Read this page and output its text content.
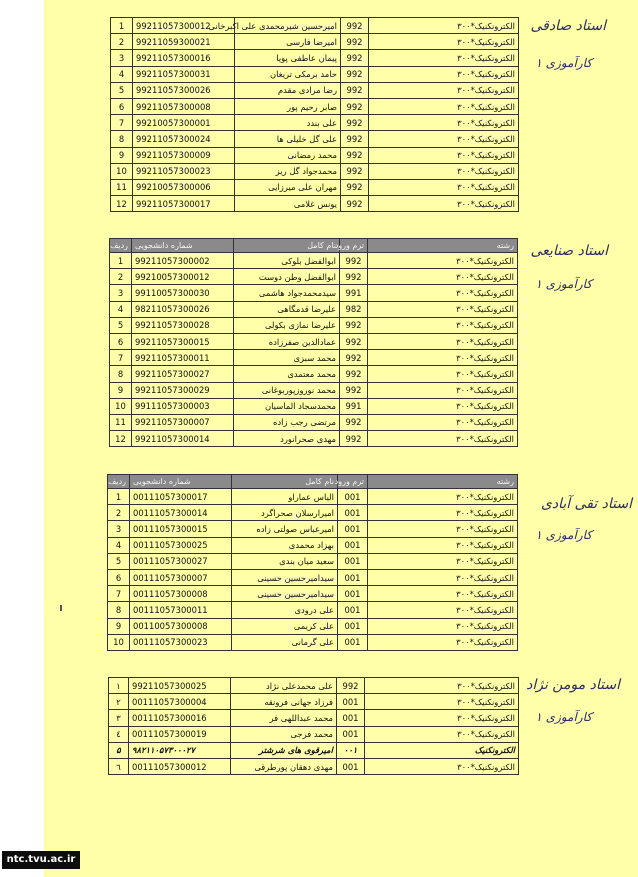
الکترونکنیک*۳۰۰	992	امیرحسین شیرمحمدی علی اکبرخانی	99211057300012	1
الکترونکنیک*۳۰۰	992	امیرضا فارسی	99211059300021	2
الکترونکنیک*۳۰۰	992	پیمان عاطفی پویا	99211057300016	3
الکترونکنیک*۳۰۰	992	حامد برمکی تریغان	99211057300031	4
الکترونکنیک*۳۰۰	992	رضا مرادی مقدم	99211057300026	5
الکترونکنیک*۳۰۰	992	صابر رحیم پور	99211057300008	6
الکترونکنیک*۳۰۰	992	علی بندد	99210057300001	7
الکترونکنیک*۳۰۰	992	علی گل خلیلی ها	99211057300024	8
الکترونکنیک*۳۰۰	992	محمد رمضانی	99211057300009	9
الکترونکنیک*۳۰۰	992	محمدجواد گل ریز	99211057300023	10
الکترونکنیک*۳۰۰	992	مهران علی میرزایی	99210057300006	11
الکترونکنیک*۳۰۰	992	یونس غلامی	99211057300017	12
رشته	ترم ورود	نام کامل	شماره دانشجویی	ردیف
الکترونکنیک*۳۰۰	992	ابوالفضل بلوکی	99211057300002	1
الکترونکنیک*۳۰۰	992	ابوالفضل وطن دوست	99210057300012	2
الکترونکنیک*۳۰۰	991	سیدمحمدجواد هاشمی	99110057300030	3
الکترونکنیک*۳۰۰	982	علیرضا قدمگاهی	98211057300026	4
الکترونکنیک*۳۰۰	992	علیرضا نمازی بکولی	99211057300028	5
الکترونکنیک*۳۰۰	992	عمادالدین صفرزاده	99211057300015	6
الکترونکنیک*۳۰۰	992	محمد سبزی	99211057300011	7
الکترونکنیک*۳۰۰	992	محمد معتمدی	99211057300027	8
الکترونکنیک*۳۰۰	992	محمد نوروزپوربوغانی	99211057300029	9
الکترونکنیک*۳۰۰	991	محمدسجاد الماسیان	99111057300003	10
الکترونکنیک*۳۰۰	992	مرتضی رجب زاده	99211057300007	11
الکترونکنیک*۳۰۰	992	مهدی صحرانورد	99211057300014	12
رشته	ترم ورود	نام کامل	شماره دانشجویی	ردیف
الکترونکنیک*۳۰۰	001	الیاس عماراو	00111057300017	1
الکترونکنیک*۳۰۰	001	امیرارسلان صحراگرد	00111057300014	2
الکترونکنیک*۳۰۰	001	امیرعباس صولتی زاده	00111057300015	3
الکترونکنیک*۳۰۰	001	بهزاد محمدی	00111057300025	4
الکترونکنیک*۳۰۰	001	سعید میان بندی	00111057300027	5
الکترونکنیک*۳۰۰	001	سیدامیرحسین حسینی	00111057300007	6
الکترونکنیک*۳۰۰	001	سیدامیرحسین حسینی	00111057300008	7
الکترونکنیک*۳۰۰	001	علی درودی	00111057300011	8
الکترونکنیک*۳۰۰	001	علی کریمی	00110057300008	9
الکترونکنیک*۳۰۰	001	علی گرمانی	00111057300023	10
الکترونکنیک*۳۰۰	992	علی محمدعلی نژاد	99211057300025	۱
الکترونکنیک*۳۰۰	001	فرزاد جهانی فرونقه	00111057300004	۲
الکترونکنیک*۳۰۰	001	محمد عبداللهی فر	00111057300016	۳
الکترونکنیک*۳۰۰	001	محمد فرجی	00111057300019	٤
الکترونکنیک	۰۰۱	امیرقوی های شرشتر	۹۸۲۱۱۰۵۷۳۰۰۰۲۷	۵
الکترونکنیک*۳۰۰	001	مهدی دهقان پورطرقی	00111057300012	٦
استاد صادقی
کارآموزی ۱
استاد صنایعی
کارآموزی ۱
استاد تقی آبادی
کارآموزی ۱
استاد مومن نژاد
کارآموزی ۱
ntc.tvu.ac.ir
